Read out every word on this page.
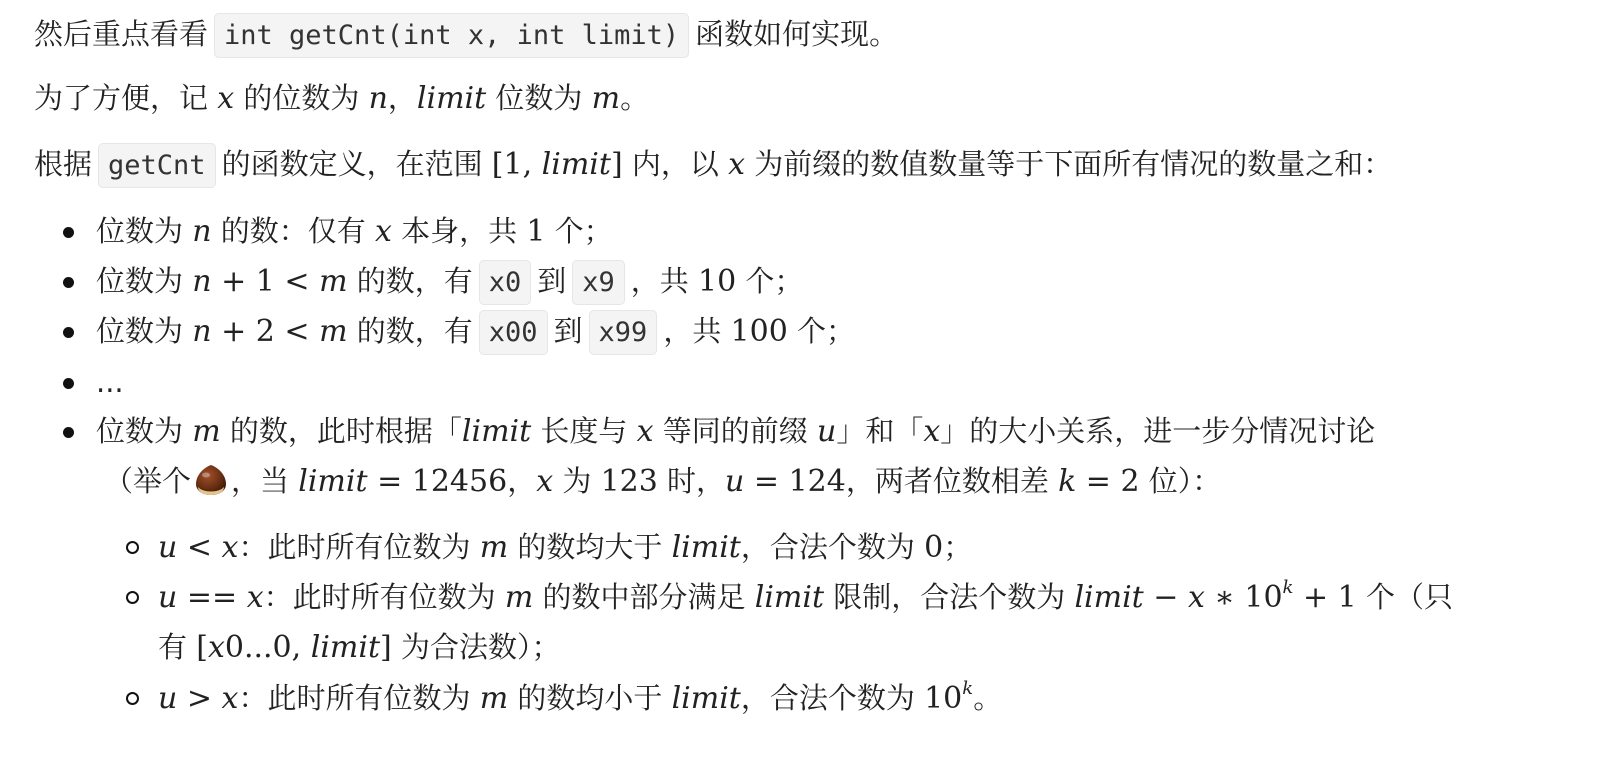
然后重点看看 int getCnt(int x, int limit) 函数如何实现。
为了方便，记 x 的位数为 n，limit 位数为 m。
根据 getCnt 的函数定义，在范围 [1, limit] 内，以 x 为前缀的数值数量等于下面所有情况的数量之和：
位数为 n 的数：仅有 x 本身，共 1 个；
位数为 n + 1 < m 的数，有 x0 到 x9 ，共 10 个；
位数为 n + 2 < m 的数，有 x00 到 x99 ，共 100 个；
...
位数为 m 的数，此时根据「limit 长度与 x 等同的前缀 u」和「x」的大小关系，进一步分情况讨论
（举个 ，当 limit = 12456，x 为 123 时，u = 124，两者位数相差 k = 2 位）：
u < x：此时所有位数为 m 的数均大于 limit，合法个数为 0；
u == x：此时所有位数为 m 的数中部分满足 limit 限制，合法个数为 limit − x ∗ $10^k + 1$ 个（只
有 [x0...0, limit] 为合法数）；
u > x：此时所有位数为 m 的数均小于 limit，合法个数为 10$^k$。
